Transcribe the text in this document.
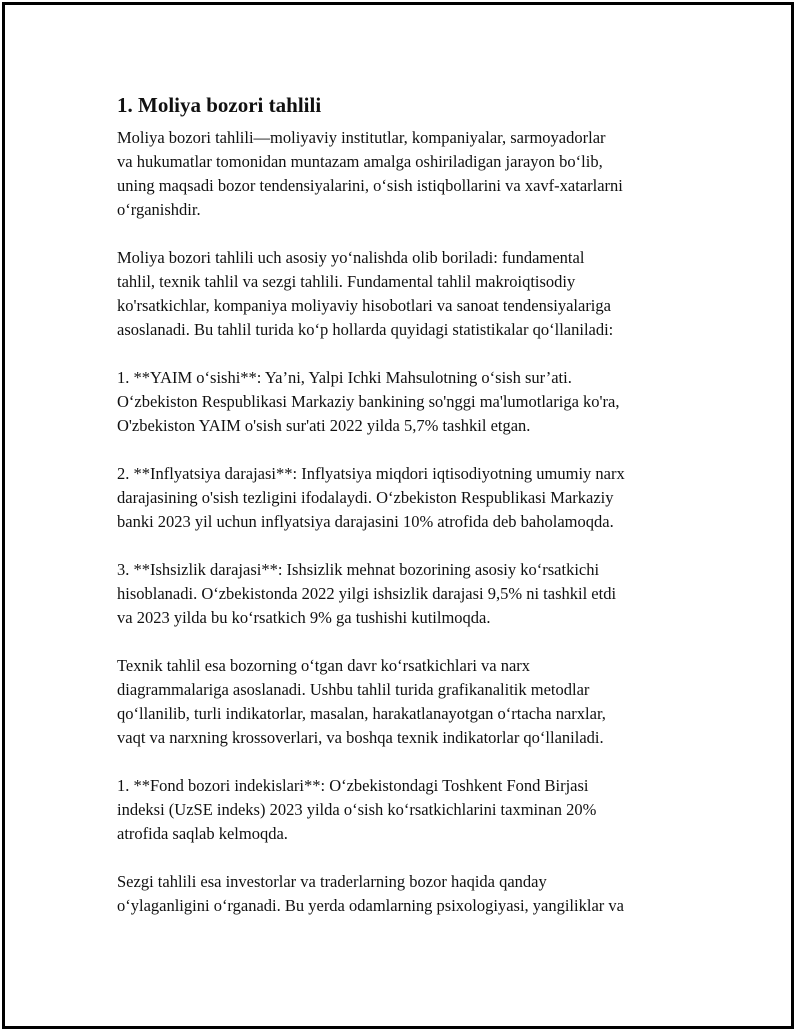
1. Moliya bozori tahlili

Moliya bozori tahlili—moliyaviy institutlar, kompaniyalar, sarmoyadorlar
va hukumatlar tomonidan muntazam amalga oshiriladigan jarayon bo‘lib,
uning maqsadi bozor tendensiyalarini, o‘sish istiqbollarini va xavf-xatarlarni
o‘rganishdir.

Moliya bozori tahlili uch asosiy yo‘nalishda olib boriladi: fundamental
tahlil, texnik tahlil va sezgi tahlili. Fundamental tahlil makroiqtisodiy
ko'rsatkichlar, kompaniya moliyaviy hisobotlari va sanoat tendensiyalariga
asoslanadi. Bu tahlil turida ko‘p hollarda quyidagi statistikalar qo‘llaniladi:

1. **YAIM o‘sishi**: Ya’ni, Yalpi Ichki Mahsulotning o‘sish sur’ati.
O‘zbekiston Respublikasi Markaziy bankining so'nggi ma'lumotlariga ko'ra,
O'zbekiston YAIM o'sish sur'ati 2022 yilda 5,7% tashkil etgan.

2. **Inflyatsiya darajasi**: Inflyatsiya miqdori iqtisodiyotning umumiy narx
darajasining o'sish tezligini ifodalaydi. O‘zbekiston Respublikasi Markaziy
banki 2023 yil uchun inflyatsiya darajasini 10% atrofida deb baholamoqda.

3. **Ishsizlik darajasi**: Ishsizlik mehnat bozorining asosiy ko‘rsatkichi
hisoblanadi. O‘zbekistonda 2022 yilgi ishsizlik darajasi 9,5% ni tashkil etdi
va 2023 yilda bu ko‘rsatkich 9% ga tushishi kutilmoqda.

Texnik tahlil esa bozorning o‘tgan davr ko‘rsatkichlari va narx
diagrammalariga asoslanadi. Ushbu tahlil turida grafikanalitik metodlar
qo‘llanilib, turli indikatorlar, masalan, harakatlanayotgan o‘rtacha narxlar,
vaqt va narxning krossoverlari, va boshqa texnik indikatorlar qo‘llaniladi.

1. **Fond bozori indekislari**: O‘zbekistondagi Toshkent Fond Birjasi
indeksi (UzSE indeks) 2023 yilda o‘sish ko‘rsatkichlarini taxminan 20%
atrofida saqlab kelmoqda.

Sezgi tahlili esa investorlar va traderlarning bozor haqida qanday
o‘ylaganligini o‘rganadi. Bu yerda odamlarning psixologiyasi, yangiliklar va
